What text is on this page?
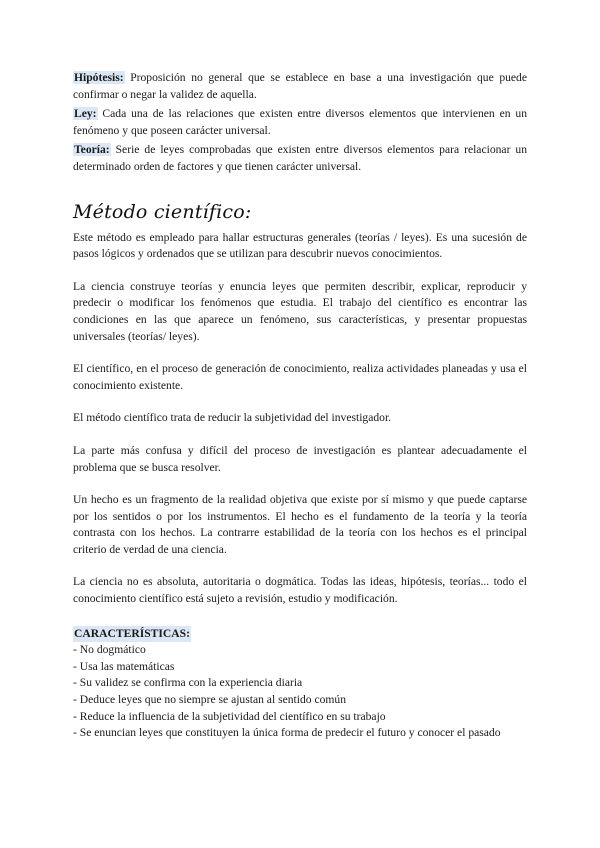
Hipótesis: Proposición no general que se establece en base a una investigación que puede confirmar o negar la validez de aquella.

Ley: Cada una de las relaciones que existen entre diversos elementos que intervienen en un fenómeno y que poseen carácter universal.

Teoría: Serie de leyes comprobadas que existen entre diversos elementos para relacionar un determinado orden de factores y que tienen carácter universal.

Método científico:

Este método es empleado para hallar estructuras generales (teorías / leyes). Es una sucesión de pasos lógicos y ordenados que se utilizan para descubrir nuevos conocimientos.

La ciencia construye teorías y enuncia leyes que permiten describir, explicar, reproducir y predecir o modificar los fenómenos que estudia. El trabajo del científico es encontrar las condiciones en las que aparece un fenómeno, sus características, y presentar propuestas universales (teorías/ leyes).

El científico, en el proceso de generación de conocimiento, realiza actividades planeadas y usa el conocimiento existente.

El método científico trata de reducir la subjetividad del investigador.

La parte más confusa y difícil del proceso de investigación es plantear adecuadamente el problema que se busca resolver.

Un hecho es un fragmento de la realidad objetiva que existe por sí mismo y que puede captarse por los sentidos o por los instrumentos. El hecho es el fundamento de la teoría y la teoría contrasta con los hechos. La contrarre estabilidad de la teoría con los hechos es el principal criterio de verdad de una ciencia.

La ciencia no es absoluta, autoritaria o dogmática. Todas las ideas, hipótesis, teorías... todo el conocimiento científico está sujeto a revisión, estudio y modificación.

CARACTERÍSTICAS:
- No dogmático
- Usa las matemáticas
- Su validez se confirma con la experiencia diaria
- Deduce leyes que no siempre se ajustan al sentido común
- Reduce la influencia de la subjetividad del científico en su trabajo
- Se enuncian leyes que constituyen la única forma de predecir el futuro y conocer el pasado
